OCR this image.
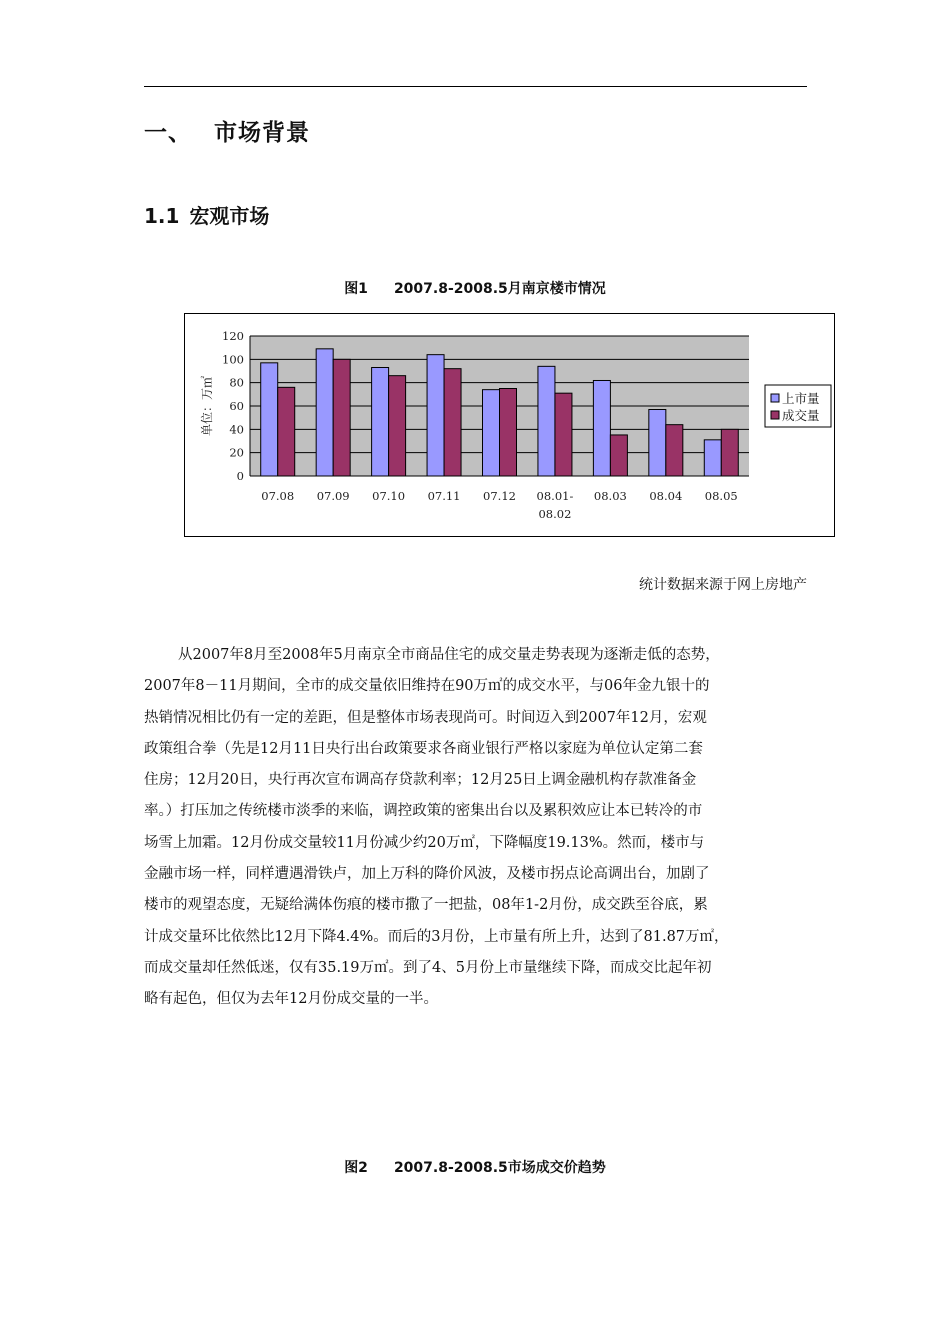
一、 市场背景
1.1 宏观市场
图1 2007.8-2008.5月南京楼市情况
0
20
40
60
80
100
120
单位：万㎡
07.08 07.09 07.10 07.11 07.12 08.01-
08.02
08.03 08.04 08.05
上市量
成交量
统计数据来源于网上房地产
从2007年8月至2008年5月南京全市商品住宅的成交量走势表现为逐渐走低的态势，
2007年8－11月期间，全市的成交量依旧维持在90万㎡的成交水平，与06年金九银十的
热销情况相比仍有一定的差距，但是整体市场表现尚可。时间迈入到2007年12月，宏观
政策组合拳（先是12月11日央行出台政策要求各商业银行严格以家庭为单位认定第二套
住房；12月20日，央行再次宣布调高存贷款利率；12月25日上调金融机构存款准备金
率。）打压加之传统楼市淡季的来临，调控政策的密集出台以及累积效应让本已转冷的市
场雪上加霜。12月份成交量较11月份减少约20万㎡，下降幅度19.13%。然而，楼市与
金融市场一样，同样遭遇滑铁卢，加上万科的降价风波，及楼市拐点论高调出台，加剧了
楼市的观望态度，无疑给满体伤痕的楼市撒了一把盐，08年1-2月份，成交跌至谷底，累
计成交量环比依然比12月下降4.4%。而后的3月份，上市量有所上升，达到了81.87万㎡，
而成交量却任然低迷，仅有35.19万㎡。到了4、5月份上市量继续下降，而成交比起年初
略有起色，但仅为去年12月份成交量的一半。
图2 2007.8-2008.5市场成交价趋势
